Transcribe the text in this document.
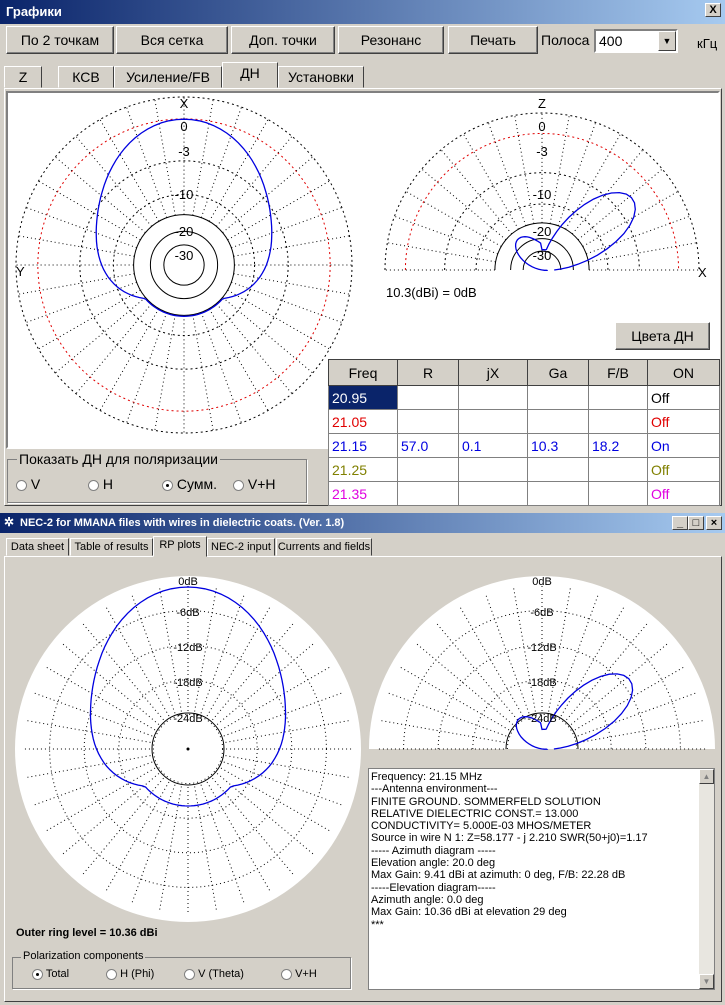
Графики	X
По 2 точкам	Вся сетка	Доп. точки	Резонанс	Печать	Полоса 400	▼	кГц
Z	КСВ	Усиление/FB	ДН	Установки
X
Y
0
-3
-10
-20
-30
Z
X
0
-3
-10
-20
-30
10.3(dBi) = 0dB
Цвета ДН
Freq	R	jX	Ga	F/B	ON
20.95					Off
21.05					Off
21.15	57.0	0.1	10.3	18.2	On
21.25					Off
21.35					Off
Показать ДН для поляризации
V	H	Сумм.	V+H
✲ NEC-2 for MMANA files with wires in dielectric coats. (Ver. 1.8)	_ □	×
Data sheet Table of results RP plots NEC-2 input Currents and fields
0dB
-6dB
-12dB
-18dB
-24dB
0dB
-6dB
-12dB
-18dB
-24dB
Outer ring level = 10.36 dBi
Polarization components
Total	H (Phi)	V (Theta)	V+H
Frequency: 21.15 MHz
---Antenna environment---
FINITE GROUND. SOMMERFELD SOLUTION
RELATIVE DIELECTRIC CONST.= 13.000
CONDUCTIVITY= 5.000E-03 MHOS/METER
Source in wire N 1: Z=58.177 - j 2.210 SWR(50+j0)=1.17
----- Azimuth diagram -----
Elevation angle: 20.0 deg
Max Gain: 9.41 dBi at azimuth: 0 deg, F/B: 22.28 dB
-----Elevation diagram-----
Azimuth angle: 0.0 deg
Max Gain: 10.36 dBi at elevation 29 deg
***
▲
▼
